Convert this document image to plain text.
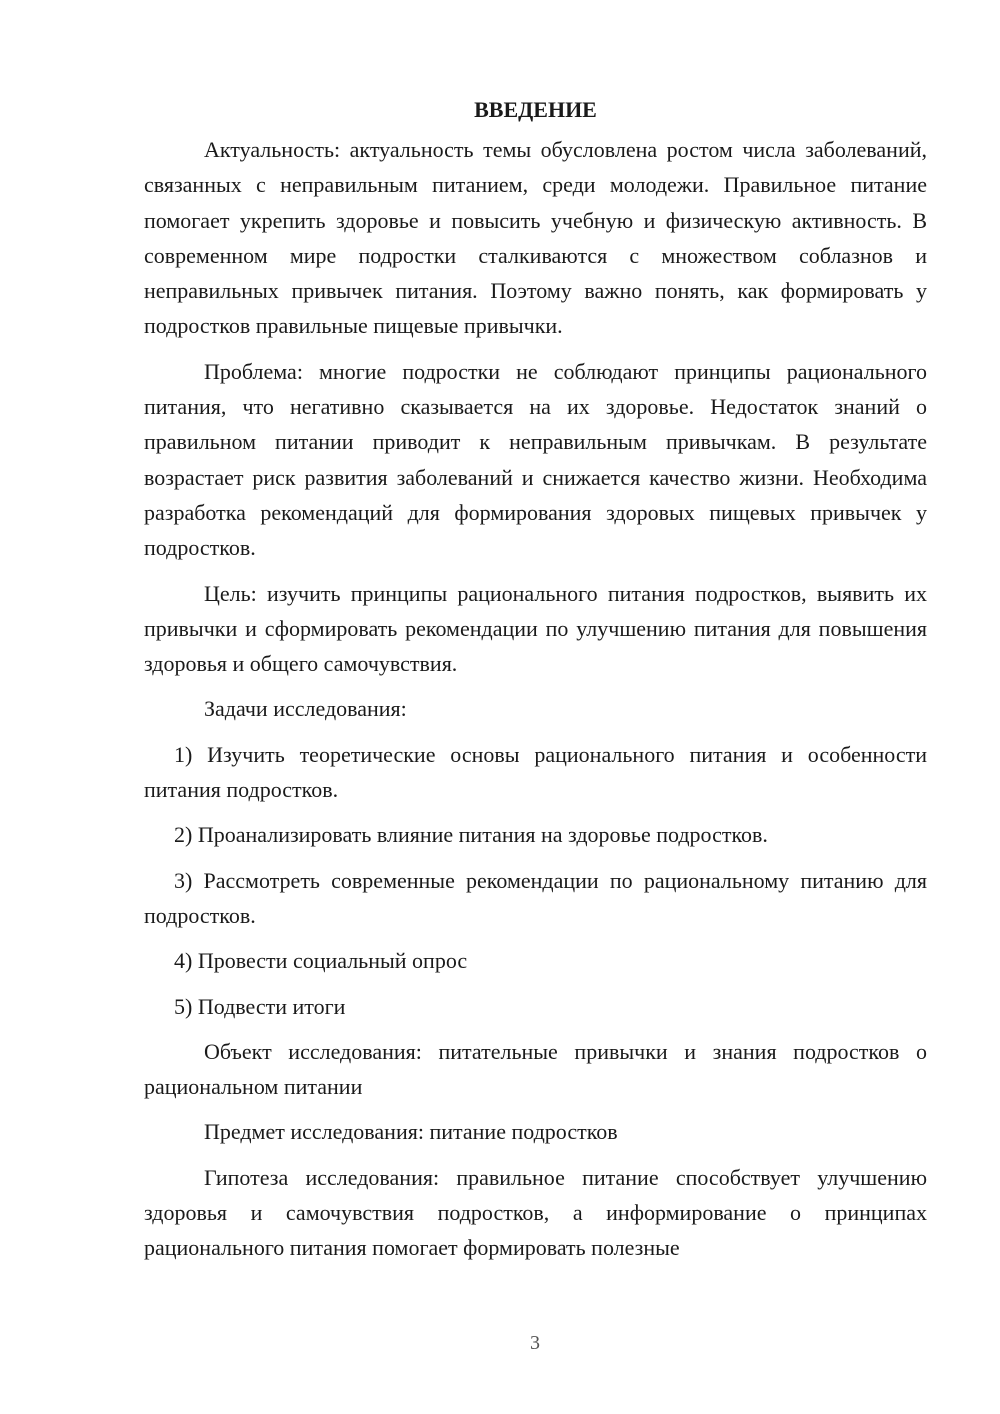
ВВЕДЕНИЕ

Актуальность: актуальность темы обусловлена ростом числа заболеваний, связанных с неправильным питанием, среди молодежи. Правильное питание помогает укрепить здоровье и повысить учебную и физическую активность. В современном мире подростки сталкиваются с множеством соблазнов и неправильных привычек питания. Поэтому важно понять, как формировать у подростков правильные пищевые привычки.

Проблема: многие подростки не соблюдают принципы рационального питания, что негативно сказывается на их здоровье. Недостаток знаний о правильном питании приводит к неправильным привычкам. В результате возрастает риск развития заболеваний и снижается качество жизни. Необходима разработка рекомендаций для формирования здоровых пищевых привычек у подростков.

Цель: изучить принципы рационального питания подростков, выявить их привычки и сформировать рекомендации по улучшению питания для повышения здоровья и общего самочувствия.

Задачи исследования:

1) Изучить теоретические основы рационального питания и особенности питания подростков.

2) Проанализировать влияние питания на здоровье подростков.

3) Рассмотреть современные рекомендации по рациональному питанию для подростков.

4) Провести социальный опрос

5) Подвести итоги

Объект исследования: питательные привычки и знания подростков о рациональном питании

Предмет исследования: питание подростков

Гипотеза исследования: правильное питание способствует улучшению здоровья и самочувствия подростков, а информирование о принципах рационального питания помогает формировать полезные

3
